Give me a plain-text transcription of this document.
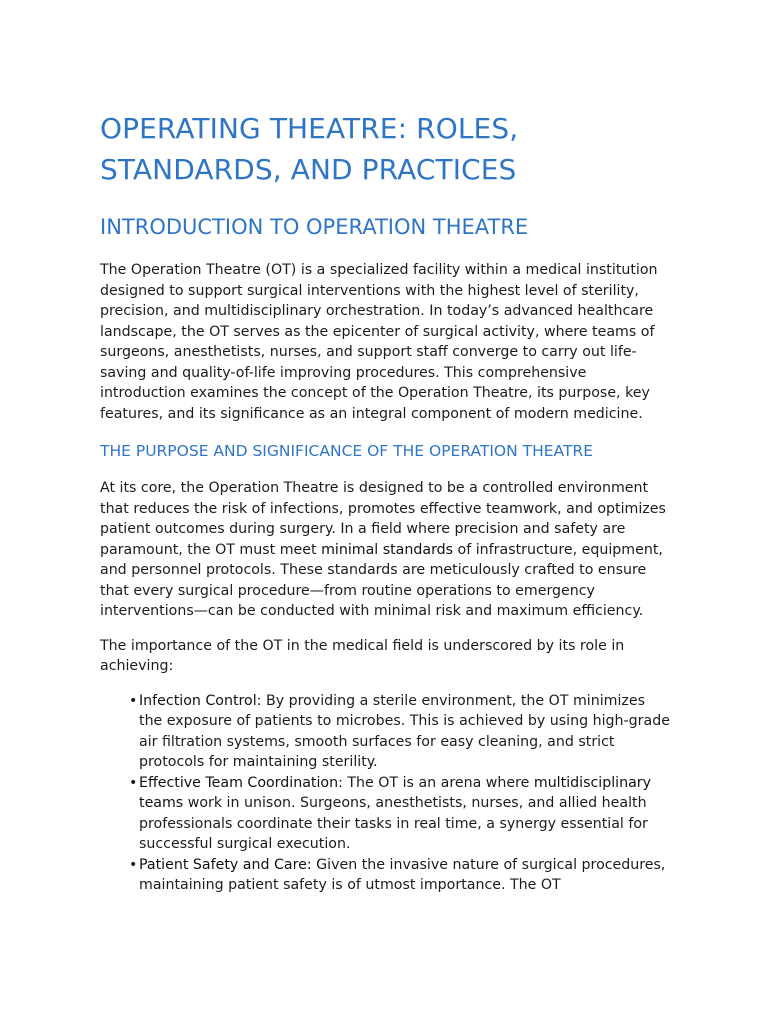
OPERATING THEATRE: ROLES, STANDARDS, AND PRACTICES
INTRODUCTION TO OPERATION THEATRE

The Operation Theatre (OT) is a specialized facility within a medical institution designed to support surgical interventions with the highest level of sterility, precision, and multidisciplinary orchestration. In today’s advanced healthcare landscape, the OT serves as the epicenter of surgical activity, where teams of surgeons, anesthetists, nurses, and support staff converge to carry out life-saving and quality-of-life improving procedures. This comprehensive introduction examines the concept of the Operation Theatre, its purpose, key features, and its significance as an integral component of modern medicine.

THE PURPOSE AND SIGNIFICANCE OF THE OPERATION THEATRE

At its core, the Operation Theatre is designed to be a controlled environment that reduces the risk of infections, promotes effective teamwork, and optimizes patient outcomes during surgery. In a field where precision and safety are paramount, the OT must meet minimal standards of infrastructure, equipment, and personnel protocols. These standards are meticulously crafted to ensure that every surgical procedure—from routine operations to emergency interventions—can be conducted with minimal risk and maximum efficiency.

The importance of the OT in the medical field is underscored by its role in achieving:

• Infection Control: By providing a sterile environment, the OT minimizes the exposure of patients to microbes. This is achieved by using high-grade air filtration systems, smooth surfaces for easy cleaning, and strict protocols for maintaining sterility.
• Effective Team Coordination: The OT is an arena where multidisciplinary teams work in unison. Surgeons, anesthetists, nurses, and allied health professionals coordinate their tasks in real time, a synergy essential for successful surgical execution.
• Patient Safety and Care: Given the invasive nature of surgical procedures, maintaining patient safety is of utmost importance. The OT
